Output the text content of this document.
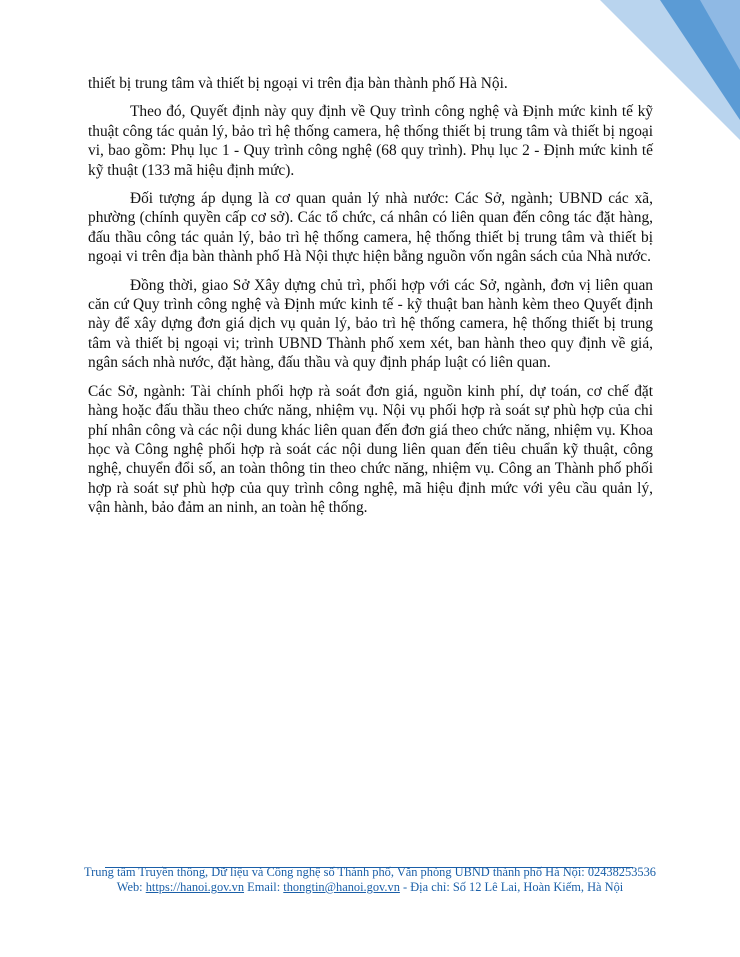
thiết bị trung tâm và thiết bị ngoại vi trên địa bàn thành phố Hà Nội.

Theo đó, Quyết định này quy định về Quy trình công nghệ và Định mức kinh tế kỹ thuật công tác quản lý, bảo trì hệ thống camera, hệ thống thiết bị trung tâm và thiết bị ngoại vi, bao gồm: Phụ lục 1 - Quy trình công nghệ (68 quy trình). Phụ lục 2 - Định mức kinh tế kỹ thuật (133 mã hiệu định mức).

Đối tượng áp dụng là cơ quan quản lý nhà nước: Các Sở, ngành; UBND các xã, phường (chính quyền cấp cơ sở). Các tổ chức, cá nhân có liên quan đến công tác đặt hàng, đấu thầu công tác quản lý, bảo trì hệ thống camera, hệ thống thiết bị trung tâm và thiết bị ngoại vi trên địa bàn thành phố Hà Nội thực hiện bằng nguồn vốn ngân sách của Nhà nước.

Đồng thời, giao Sở Xây dựng chủ trì, phối hợp với các Sở, ngành, đơn vị liên quan căn cứ Quy trình công nghệ và Định mức kinh tế - kỹ thuật ban hành kèm theo Quyết định này để xây dựng đơn giá dịch vụ quản lý, bảo trì hệ thống camera, hệ thống thiết bị trung tâm và thiết bị ngoại vi; trình UBND Thành phố xem xét, ban hành theo quy định về giá, ngân sách nhà nước, đặt hàng, đấu thầu và quy định pháp luật có liên quan.

Các Sở, ngành: Tài chính phối hợp rà soát đơn giá, nguồn kinh phí, dự toán, cơ chế đặt hàng hoặc đấu thầu theo chức năng, nhiệm vụ. Nội vụ phối hợp rà soát sự phù hợp của chi phí nhân công và các nội dung khác liên quan đến đơn giá theo chức năng, nhiệm vụ. Khoa học và Công nghệ phối hợp rà soát các nội dung liên quan đến tiêu chuẩn kỹ thuật, công nghệ, chuyển đổi số, an toàn thông tin theo chức năng, nhiệm vụ. Công an Thành phố phối hợp rà soát sự phù hợp của quy trình công nghệ, mã hiệu định mức với yêu cầu quản lý, vận hành, bảo đảm an ninh, an toàn hệ thống.

Trung tâm Truyền thông, Dữ liệu và Công nghệ số Thành phố, Văn phòng UBND thành phố Hà Nội: 02438253536
Web: https://hanoi.gov.vn Email: thongtin@hanoi.gov.vn - Địa chỉ: Số 12 Lê Lai, Hoàn Kiếm, Hà Nội
